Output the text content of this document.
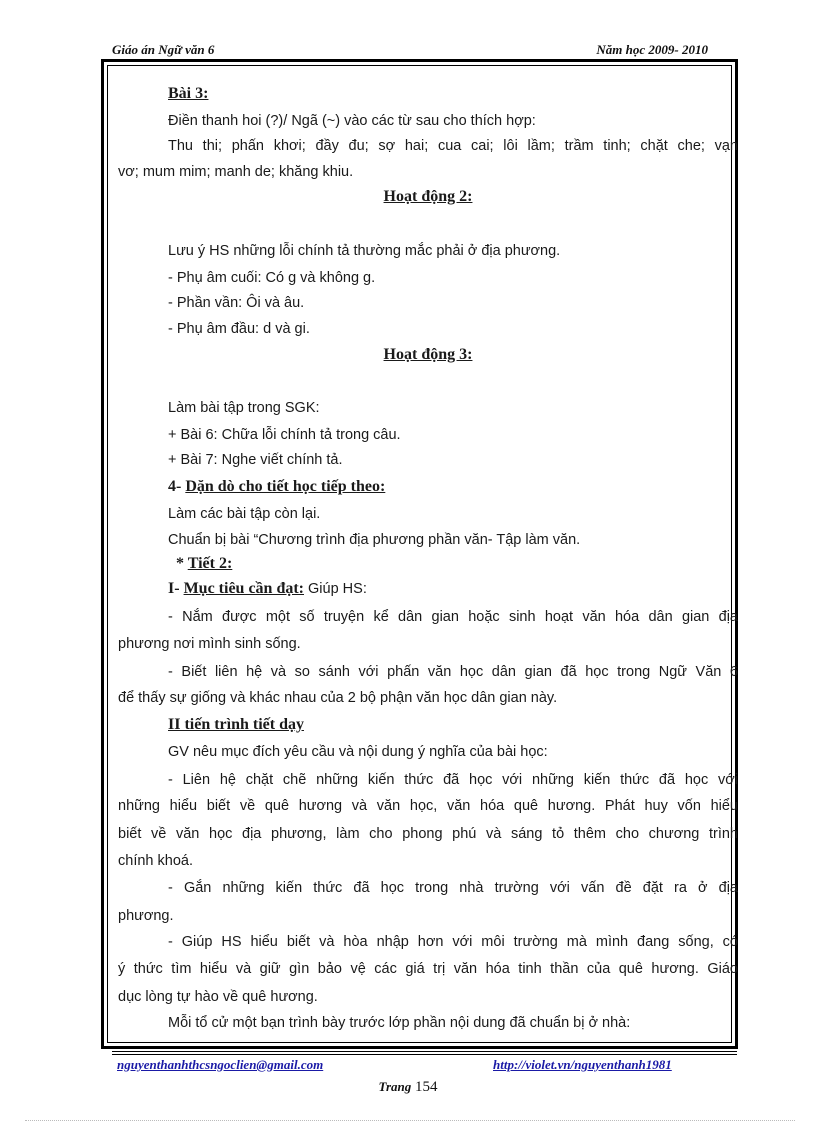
Giáo án Ngữ văn 6	Năm học 2009- 2010
Bài 3:
Điền thanh hoi (?)/ Ngã (~) vào các từ sau cho thích hợp:
Thu thi; phấn khơi; đầy đu; sợ hai; cua cai; lôi lầm; trầm tinh; chặt che; vạn
vơ; mum mim; manh de; khăng khiu.
Hoạt động 2:
Lưu ý HS những lỗi chính tả thường mắc phải ở địa phương.
- Phụ âm cuối: Có g và không g.
- Phần vần: Ôi và âu.
- Phụ âm đầu: d và gi.
Hoạt động 3:
Làm bài tập trong SGK:
+ Bài 6: Chữa lỗi chính tả trong câu.
+ Bài 7: Nghe viết chính tả.
4- Dặn dò cho tiết học tiếp theo:
Làm các bài tập còn lại.
Chuẩn bị bài “Chương trình địa phương phần văn- Tập làm văn.
* Tiết 2:
I- Mục tiêu cần đạt: Giúp HS:
- Nắm được một số truyện kể dân gian hoặc sinh hoạt văn hóa dân gian địa
phương nơi mình sinh sống.
- Biết liên hệ và so sánh với phấn văn học dân gian đã học trong Ngữ Văn 6
để thấy sự giống và khác nhau của 2 bộ phận văn học dân gian này.
II tiến trình tiết dạy
GV nêu mục đích yêu cầu và nội dung ý nghĩa của bài học:
- Liên hệ chặt chẽ những kiến thức đã học với những kiến thức đã học với
những hiểu biết về quê hương và văn học, văn hóa quê hương. Phát huy vốn hiểu
biết về văn học địa phương, làm cho phong phú và sáng tỏ thêm cho chương trình
chính khoá.
- Gắn những kiến thức đã học trong nhà trường với vấn đề đặt ra ở địa
phương.
- Giúp HS hiểu biết và hòa nhập hơn với môi trường mà mình đang sống, có
ý thức tìm hiểu và giữ gìn bảo vệ các giá trị văn hóa tinh thần của quê hương. Giáo
dục lòng tự hào về quê hương.
Mỗi tổ cử một bạn trình bày trước lớp phần nội dung đã chuẩn bị ở nhà:
nguyenthanhthcsngoclien@gmail.com	http://violet.vn/nguyenthanh1981
Trang 154
